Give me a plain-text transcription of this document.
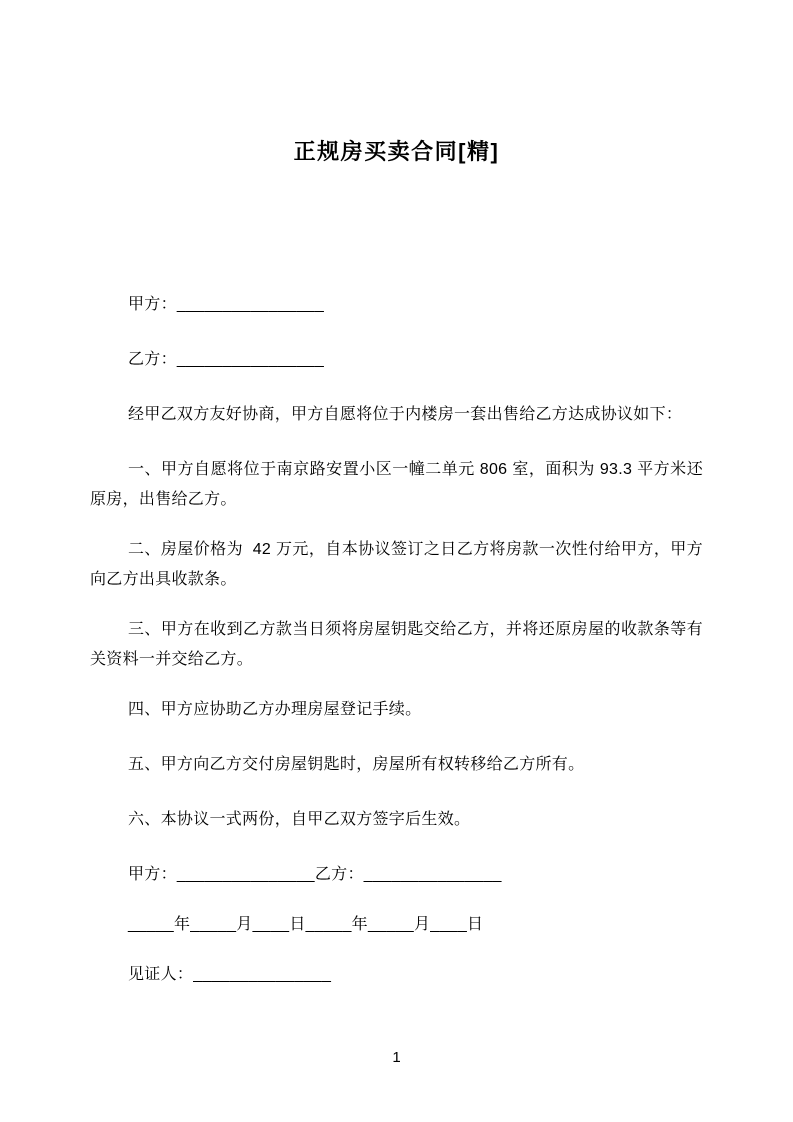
正规房买卖合同[精]

甲方：________________

乙方：________________

经甲乙双方友好协商，甲方自愿将位于内楼房一套出售给乙方达成协议如下：

一、甲方自愿将位于南京路安置小区一幢二单元 806 室，面积为 93.3 平方米还原房，出售给乙方。

二、房屋价格为  42 万元，自本协议签订之日乙方将房款一次性付给甲方，甲方向乙方出具收款条。

三、甲方在收到乙方款当日须将房屋钥匙交给乙方，并将还原房屋的收款条等有关资料一并交给乙方。

四、甲方应协助乙方办理房屋登记手续。

五、甲方向乙方交付房屋钥匙时，房屋所有权转移给乙方所有。

六、本协议一式两份，自甲乙双方签字后生效。

甲方：_______________乙方：_______________

_____年_____月____日_____年_____月____日

见证人：_______________

1
